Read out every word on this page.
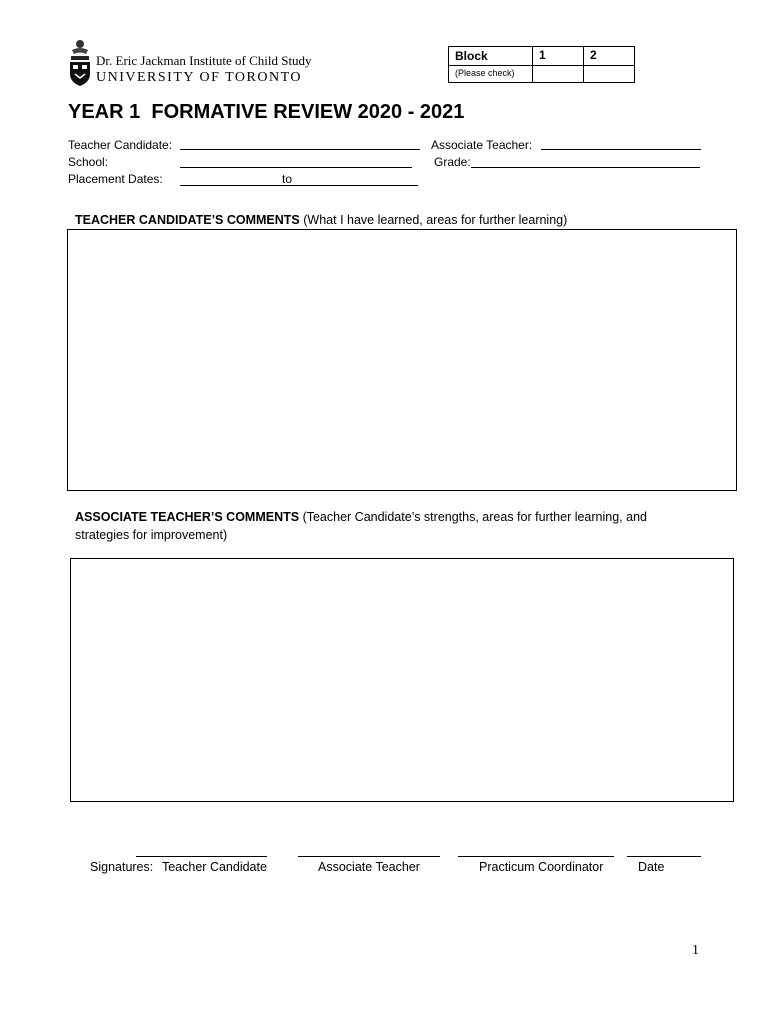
Dr. Eric Jackman Institute of Child Study
UNIVERSITY OF TORONTO
Block	1	2
(Please check)		
YEAR 1  FORMATIVE REVIEW 2020 - 2021
Teacher Candidate:	Associate Teacher:
School:	Grade:
Placement Dates:	to
TEACHER CANDIDATE’S COMMENTS (What I have learned, areas for further learning)
ASSOCIATE TEACHER’S COMMENTS (Teacher Candidate’s strengths, areas for further learning, and
strategies for improvement)
Signatures: Teacher Candidate	Associate Teacher	Practicum Coordinator	Date
1
